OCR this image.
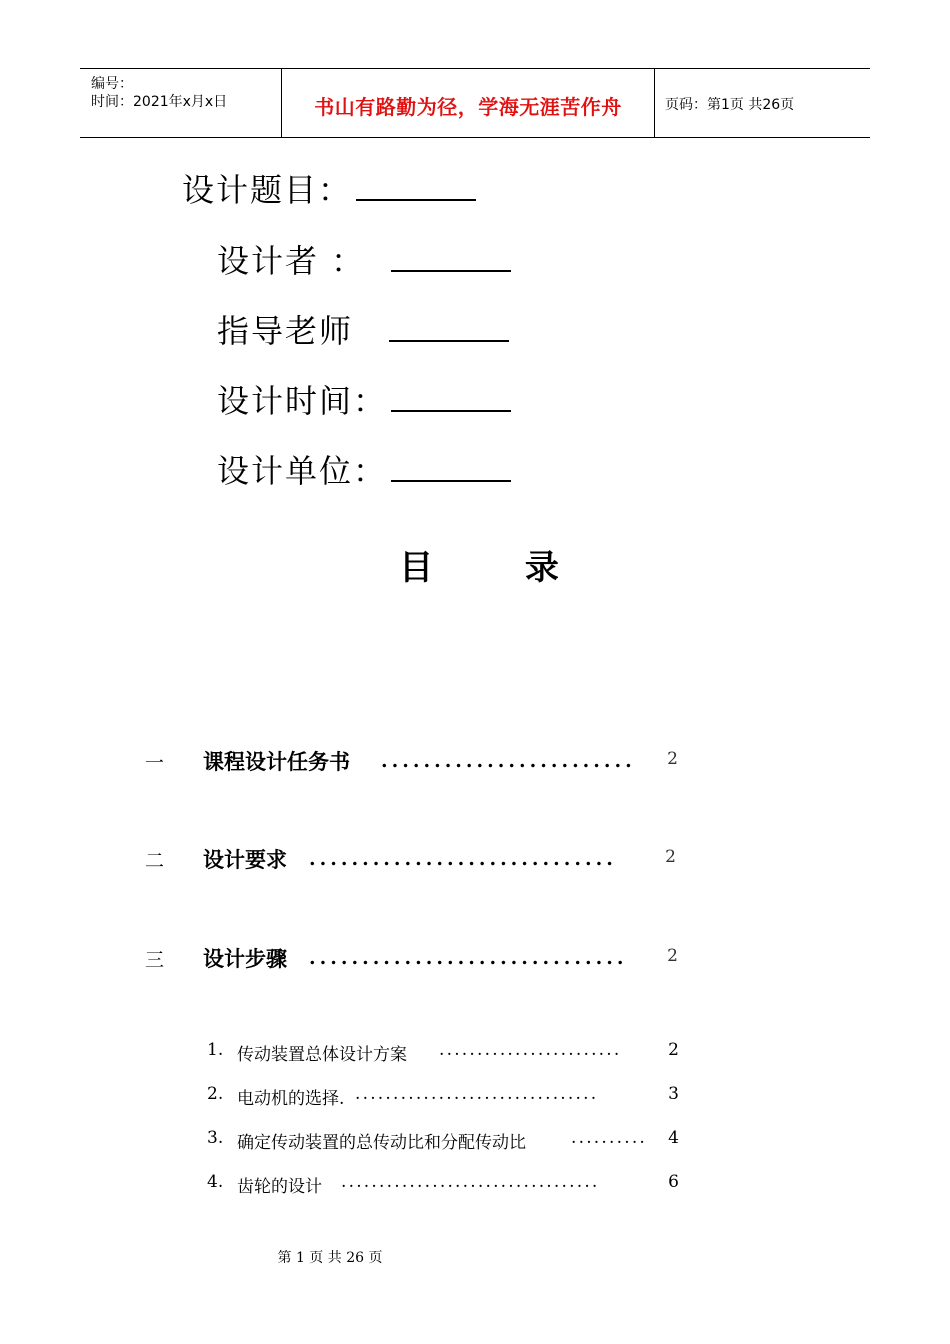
编号：
时间：2021年x月x日	书山有路勤为径，学海无涯苦作舟	页码：第1页 共26页
设计题目：
设计者 ：
指导老师
设计时间：
设计单位：
目 录
一 课程设计任务书 ........................ 2
二 设计要求 .............................	2
三 设计步骤 .............................. 2
1. 传动装置总体设计方案 ........................	2
2. 电动机的选择. ................................	3
3. 确定传动装置的总传动比和分配传动比	.......... 4
4. 齿轮的设计 ..................................	6
第 1 页 共 26 页
